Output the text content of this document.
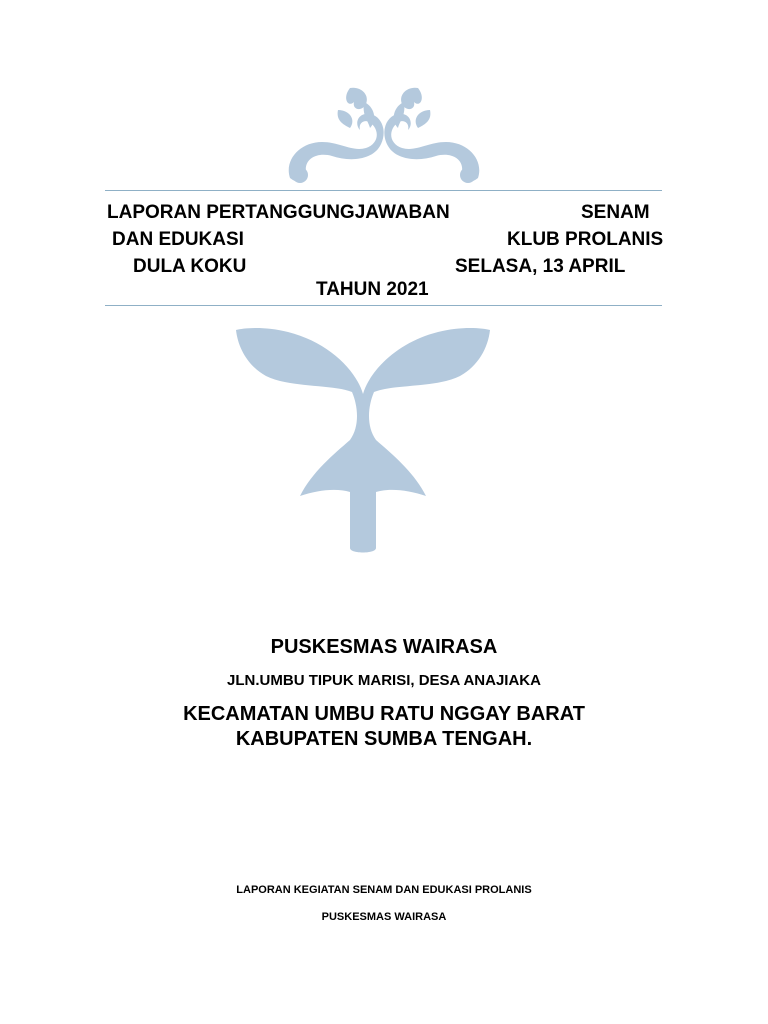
LAPORAN PERTANGGUNGJAWABAN	SENAM
DAN EDUKASI	KLUB PROLANIS
DULA KOKU	SELASA, 13 APRIL
TAHUN 2021
PUSKESMAS WAIRASA
JLN.UMBU TIPUK MARISI, DESA ANAJIAKA
KECAMATAN UMBU RATU NGGAY BARAT
KABUPATEN SUMBA TENGAH.
LAPORAN KEGIATAN SENAM DAN EDUKASI PROLANIS
PUSKESMAS WAIRASA
